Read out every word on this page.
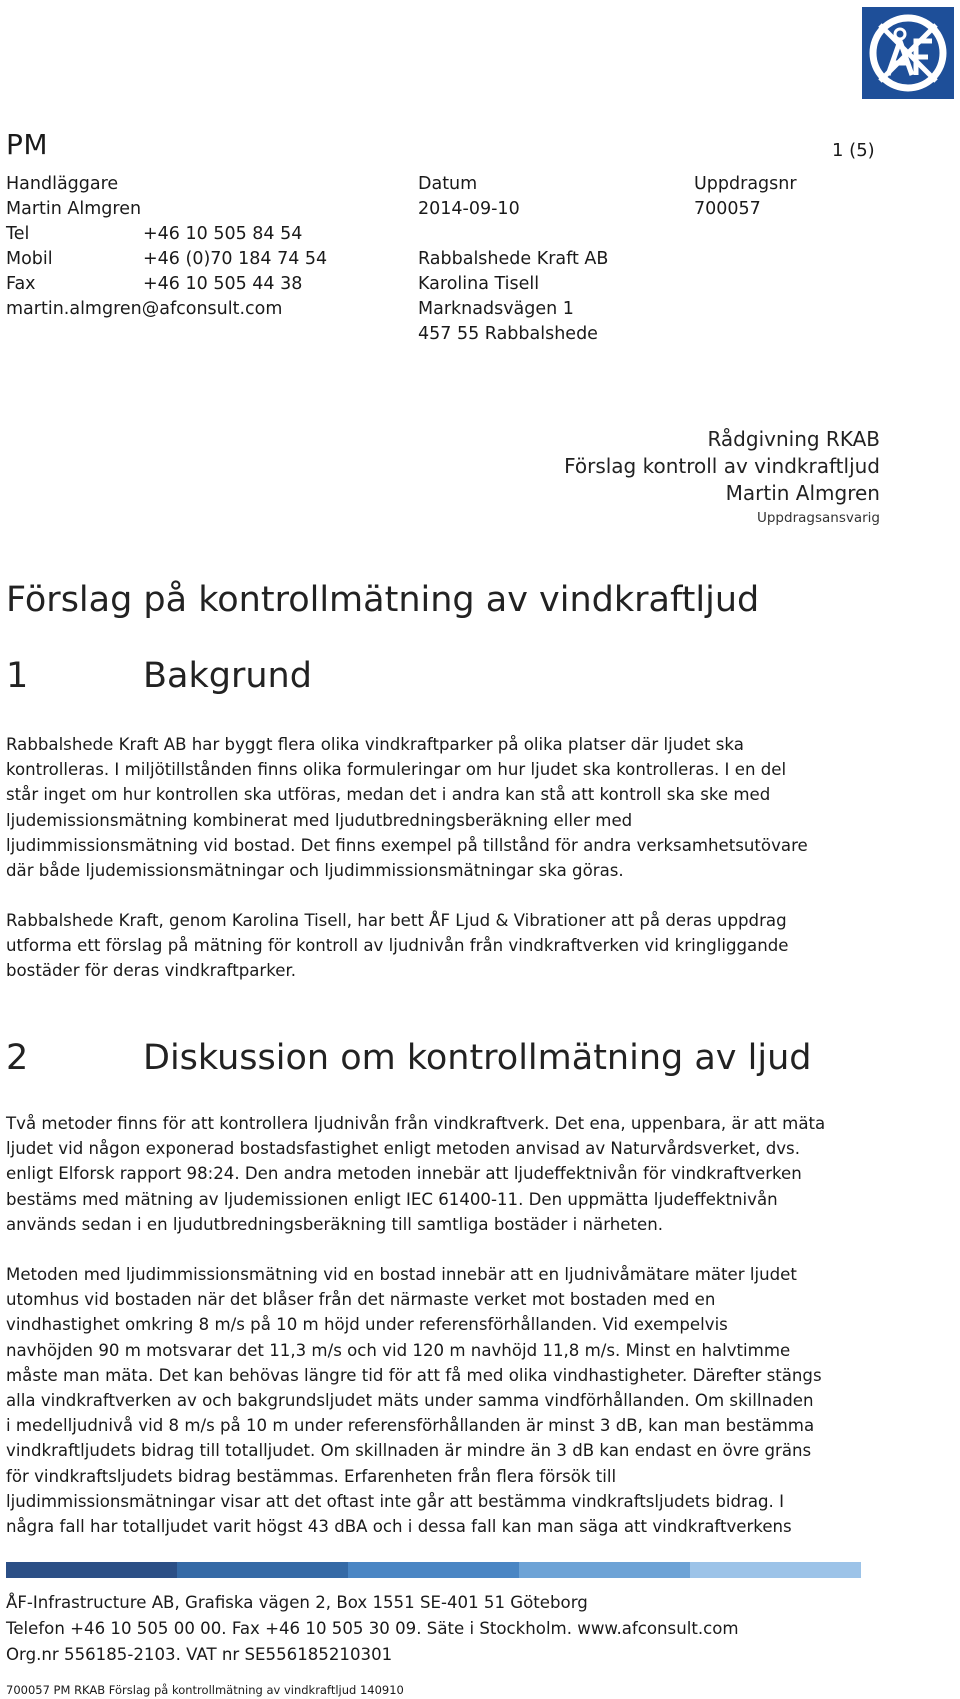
PM	1 (5)
Handläggare
Martin Almgren
Tel	+46 10 505 84 54
Mobil	+46 (0)70 184 74 54
Fax	+46 10 505 44 38
martin.almgren@afconsult.com
Datum
2014-09-10
Rabbalshede Kraft AB
Karolina Tisell
Marknadsvägen 1
457 55 Rabbalshede
Uppdragsnr
700057
Rådgivning RKAB
Förslag kontroll av vindkraftljud
Martin Almgren
Uppdragsansvarig
Förslag på kontrollmätning av vindkraftljud
1	Bakgrund
Rabbalshede Kraft AB har byggt flera olika vindkraftparker på olika platser där ljudet ska
kontrolleras. I miljötillstånden finns olika formuleringar om hur ljudet ska kontrolleras. I en del
står inget om hur kontrollen ska utföras, medan det i andra kan stå att kontroll ska ske med
ljudemissionsmätning kombinerat med ljudutbredningsberäkning eller med
ljudimmissionsmätning vid bostad. Det finns exempel på tillstånd för andra verksamhetsutövare
där både ljudemissionsmätningar och ljudimmissionsmätningar ska göras.
Rabbalshede Kraft, genom Karolina Tisell, har bett ÅF Ljud & Vibrationer att på deras uppdrag
utforma ett förslag på mätning för kontroll av ljudnivån från vindkraftverken vid kringliggande
bostäder för deras vindkraftparker.
2	Diskussion om kontrollmätning av ljud
Två metoder finns för att kontrollera ljudnivån från vindkraftverk. Det ena, uppenbara, är att mäta
ljudet vid någon exponerad bostadsfastighet enligt metoden anvisad av Naturvårdsverket, dvs.
enligt Elforsk rapport 98:24. Den andra metoden innebär att ljudeffektnivån för vindkraftverken
bestäms med mätning av ljudemissionen enligt IEC 61400-11. Den uppmätta ljudeffektnivån
används sedan i en ljudutbredningsberäkning till samtliga bostäder i närheten.
Metoden med ljudimmissionsmätning vid en bostad innebär att en ljudnivåmätare mäter ljudet
utomhus vid bostaden när det blåser från det närmaste verket mot bostaden med en
vindhastighet omkring 8 m/s på 10 m höjd under referensförhållanden. Vid exempelvis
navhöjden 90 m motsvarar det 11,3 m/s och vid 120 m navhöjd 11,8 m/s. Minst en halvtimme
måste man mäta. Det kan behövas längre tid för att få med olika vindhastigheter. Därefter stängs
alla vindkraftverken av och bakgrundsljudet mäts under samma vindförhållanden. Om skillnaden
i medelljudnivå vid 8 m/s på 10 m under referensförhållanden är minst 3 dB, kan man bestämma
vindkraftljudets bidrag till totalljudet. Om skillnaden är mindre än 3 dB kan endast en övre gräns
för vindkraftsljudets bidrag bestämmas. Erfarenheten från flera försök till
ljudimmissionsmätningar visar att det oftast inte går att bestämma vindkraftsljudets bidrag. I
några fall har totalljudet varit högst 43 dBA och i dessa fall kan man säga att vindkraftverkens
ÅF-Infrastructure AB, Grafiska vägen 2, Box 1551 SE-401 51 Göteborg
Telefon +46 10 505 00 00. Fax +46 10 505 30 09. Säte i Stockholm. www.afconsult.com
Org.nr 556185-2103. VAT nr SE556185210301
700057 PM RKAB Förslag på kontrollmätning av vindkraftljud 140910
